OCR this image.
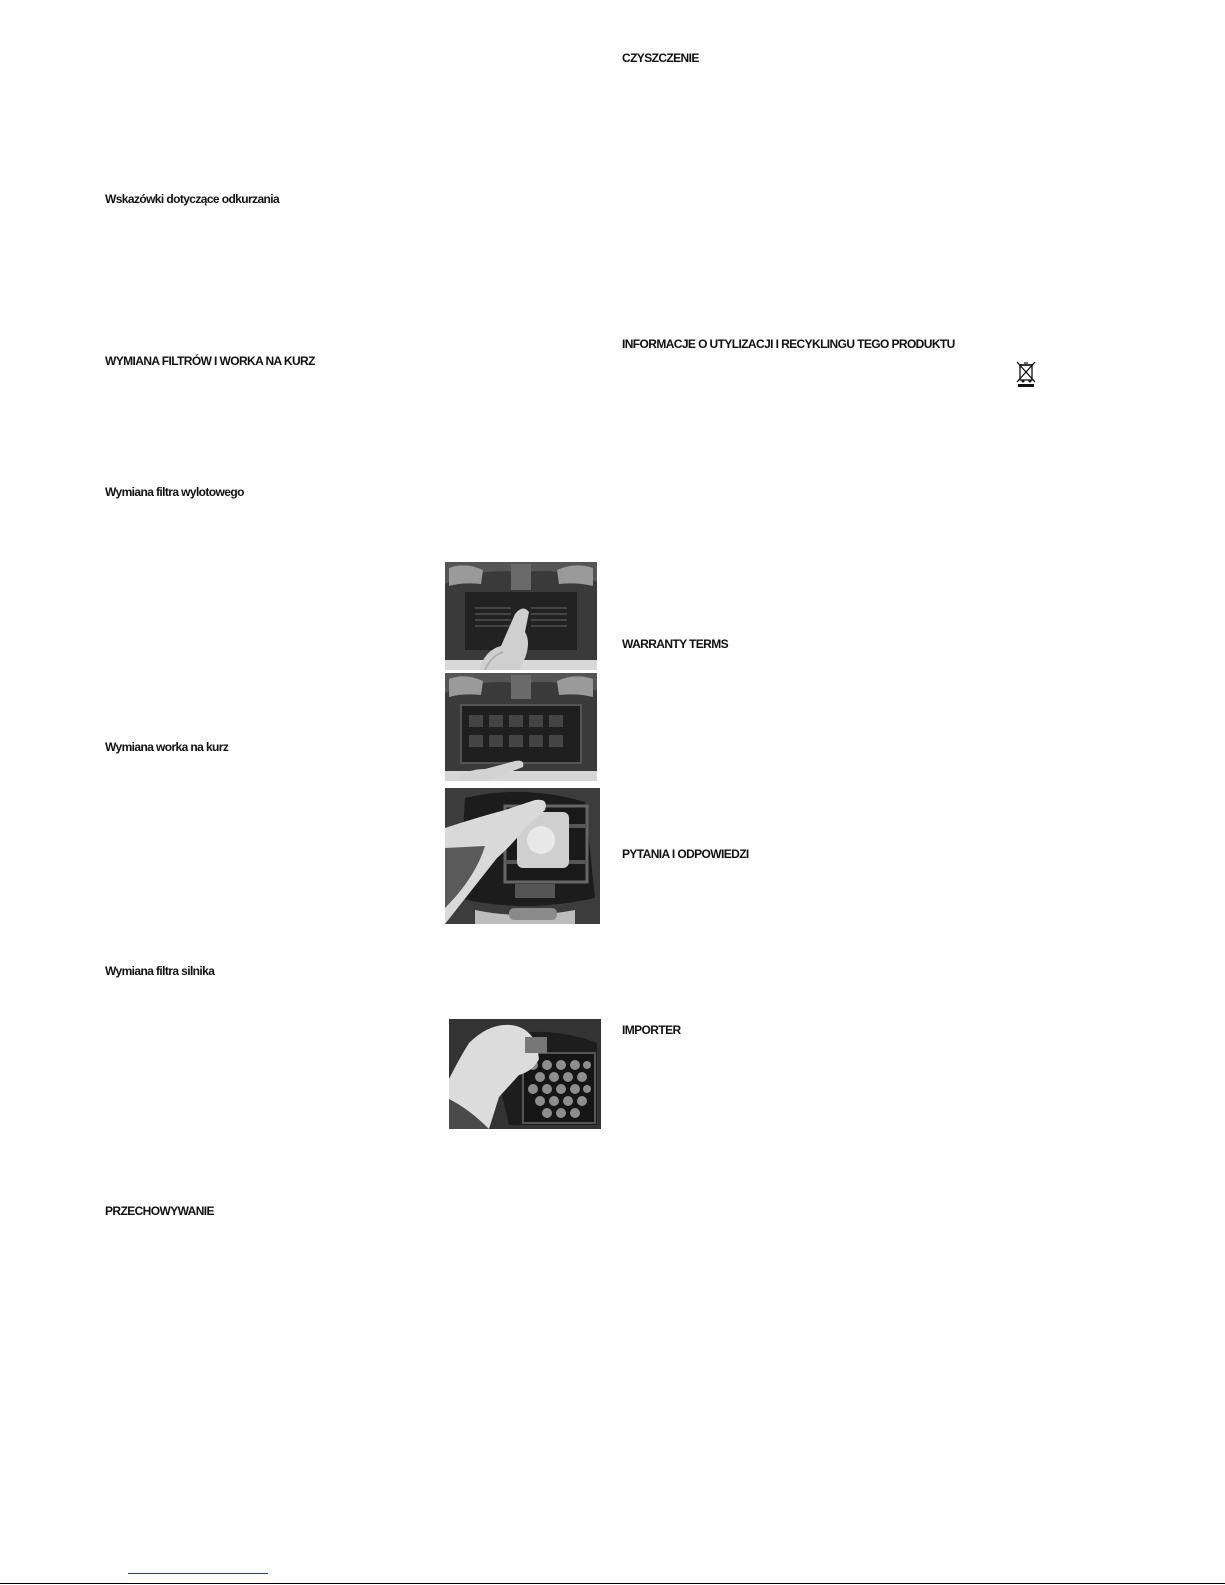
Wskazówki dotyczące odkurzania
WYMIANA FILTRÓW I WORKA NA KURZ
Wymiana filtra wylotowego
Wymiana worka na kurz
Wymiana filtra silnika
PRZECHOWYWANIE
CZYSZCZENIE
INFORMACJE O UTYLIZACJI I RECYKLINGU TEGO PRODUKTU
WARRANTY TERMS
PYTANIA I ODPOWIEDZI
IMPORTER
